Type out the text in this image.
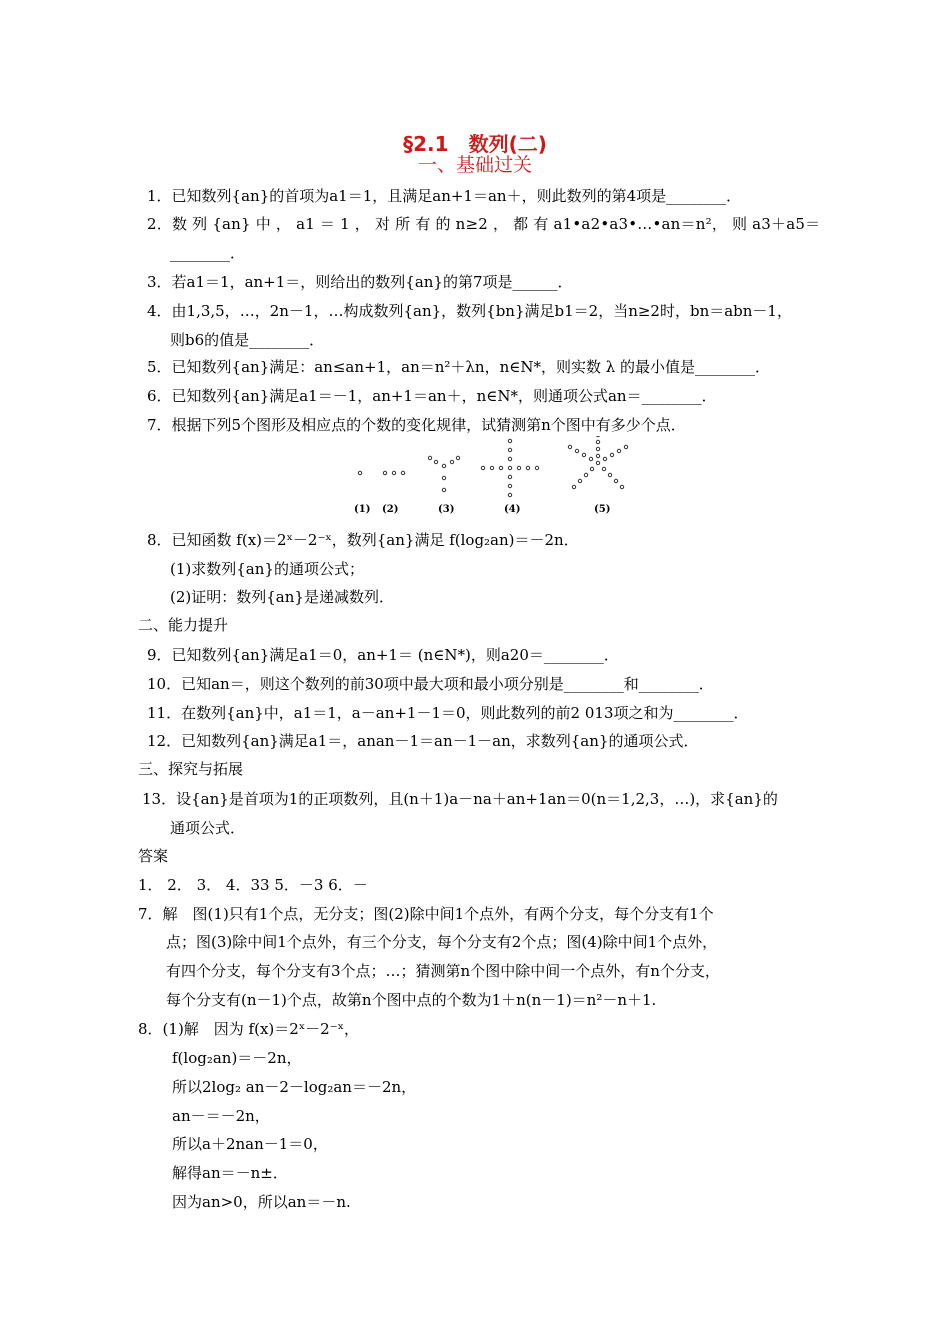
§2.1　数列(二)
一、基础过关
1．已知数列{an}的首项为a1＝1，且满足an+1＝an＋，则此数列的第4项是________．
2．数 列 {an} 中 ， a1 ＝ 1 ， 对 所 有 的 n≥2 ， 都 有 a1•a2•a3•…•an＝n²， 则 a3＋a5＝
________．
3．若a1＝1，an+1＝，则给出的数列{an}的第7项是______．
4．由1,3,5，…，2n－1，…构成数列{an}，数列{bn}满足b1＝2，当n≥2时，bn＝abn－1，
则b6的值是________．
5．已知数列{an}满足：an≤an+1，an＝n²＋λn，n∈N*，则实数 λ 的最小值是________．
6．已知数列{an}满足a1＝－1，an+1＝an＋，n∈N*，则通项公式an＝________．
7．根据下列5个图形及相应点的个数的变化规律，试猜测第n个图中有多少个点．
(1) (2)	(3)	(4)	(5)
8．已知函数 f(x)＝2ˣ－2⁻ˣ，数列{an}满足 f(log₂an)＝－2n．
(1)求数列{an}的通项公式；
(2)证明：数列{an}是递减数列．
二、能力提升
9．已知数列{an}满足a1＝0，an+1＝ (n∈N*)，则a20＝________．
10．已知an＝，则这个数列的前30项中最大项和最小项分别是________和________．
11．在数列{an}中，a1＝1，a－an+1－1＝0，则此数列的前2 013项之和为________．
12．已知数列{an}满足a1＝，anan－1＝an－1－an，求数列{an}的通项公式．
三、探究与拓展
13．设{an}是首项为1的正项数列，且(n＋1)a－na＋an+1an＝0(n＝1,2,3，…)，求{an}的
通项公式．
答案
1． 2． 3． 4．33 5．－3 6．－
7．解　图(1)只有1个点，无分支；图(2)除中间1个点外，有两个分支，每个分支有1个
点；图(3)除中间1个点外，有三个分支，每个分支有2个点；图(4)除中间1个点外，
有四个分支，每个分支有3个点；…；猜测第n个图中除中间一个点外，有n个分支，
每个分支有(n－1)个点，故第n个图中点的个数为1＋n(n－1)＝n²－n＋1.
8．(1)解　因为 f(x)＝2ˣ－2⁻ˣ，
f(log₂an)＝－2n，
所以2log₂ an－2－log₂an＝－2n，
an－＝－2n，
所以a＋2nan－1＝0，
解得an＝－n±．
因为an>0，所以an＝－n.
